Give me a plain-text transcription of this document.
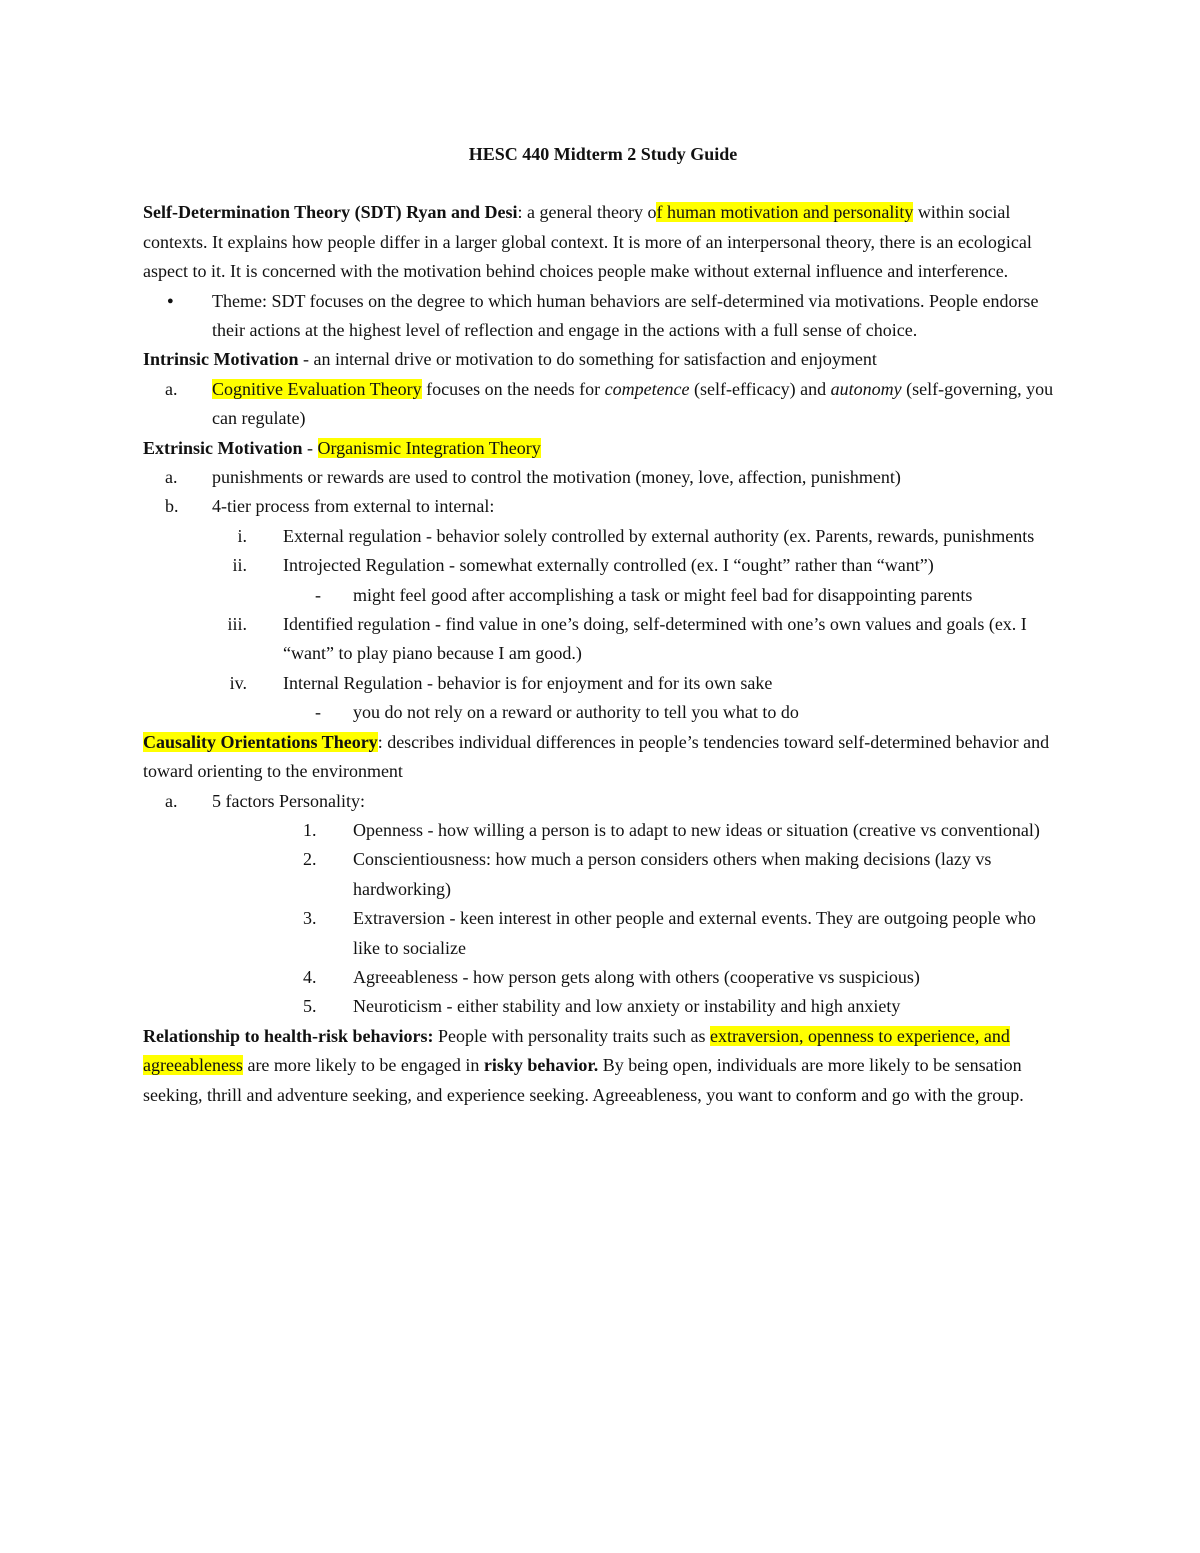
HESC 440 Midterm 2 Study Guide

Self-Determination Theory (SDT) Ryan and Desi: a general theory of human motivation and personality within social contexts. It explains how people differ in a larger global context. It is more of an interpersonal theory, there is an ecological aspect to it. It is concerned with the motivation behind choices people make without external influence and interference.

● Theme: SDT focuses on the degree to which human behaviors are self-determined via motivations. People endorse their actions at the highest level of reflection and engage in the actions with a full sense of choice.

Intrinsic Motivation - an internal drive or motivation to do something for satisfaction and enjoyment

a.	Cognitive Evaluation Theory focuses on the needs for competence (self-efficacy) and autonomy (self-governing, you can regulate)

Extrinsic Motivation - Organismic Integration Theory

a.	punishments or rewards are used to control the motivation (money, love, affection, punishment)
b.	4-tier process from external to internal:
i. External regulation - behavior solely controlled by external authority (ex. Parents, rewards, punishments
ii. Introjected Regulation - somewhat externally controlled (ex. I “ought” rather than “want”)
-	might feel good after accomplishing a task or might feel bad for disappointing parents
iii. Identified regulation - find value in one’s doing, self-determined with one’s own values and goals (ex. I “want” to play piano because I am good.)
iv. Internal Regulation - behavior is for enjoyment and for its own sake
-	you do not rely on a reward or authority to tell you what to do

Causality Orientations Theory: describes individual differences in people’s tendencies toward self-determined behavior and toward orienting to the environment

a.	5 factors Personality:
1.	Openness - how willing a person is to adapt to new ideas or situation (creative vs conventional)
2.	Conscientiousness: how much a person considers others when making decisions (lazy vs hardworking)
3.	Extraversion - keen interest in other people and external events. They are outgoing people who like to socialize
4.	Agreeableness - how person gets along with others (cooperative vs suspicious)
5.	Neuroticism - either stability and low anxiety or instability and high anxiety

Relationship to health-risk behaviors: People with personality traits such as extraversion, openness to experience, and agreeableness are more likely to be engaged in risky behavior. By being open, individuals are more likely to be sensation seeking, thrill and adventure seeking, and experience seeking. Agreeableness, you want to conform and go with the group.
